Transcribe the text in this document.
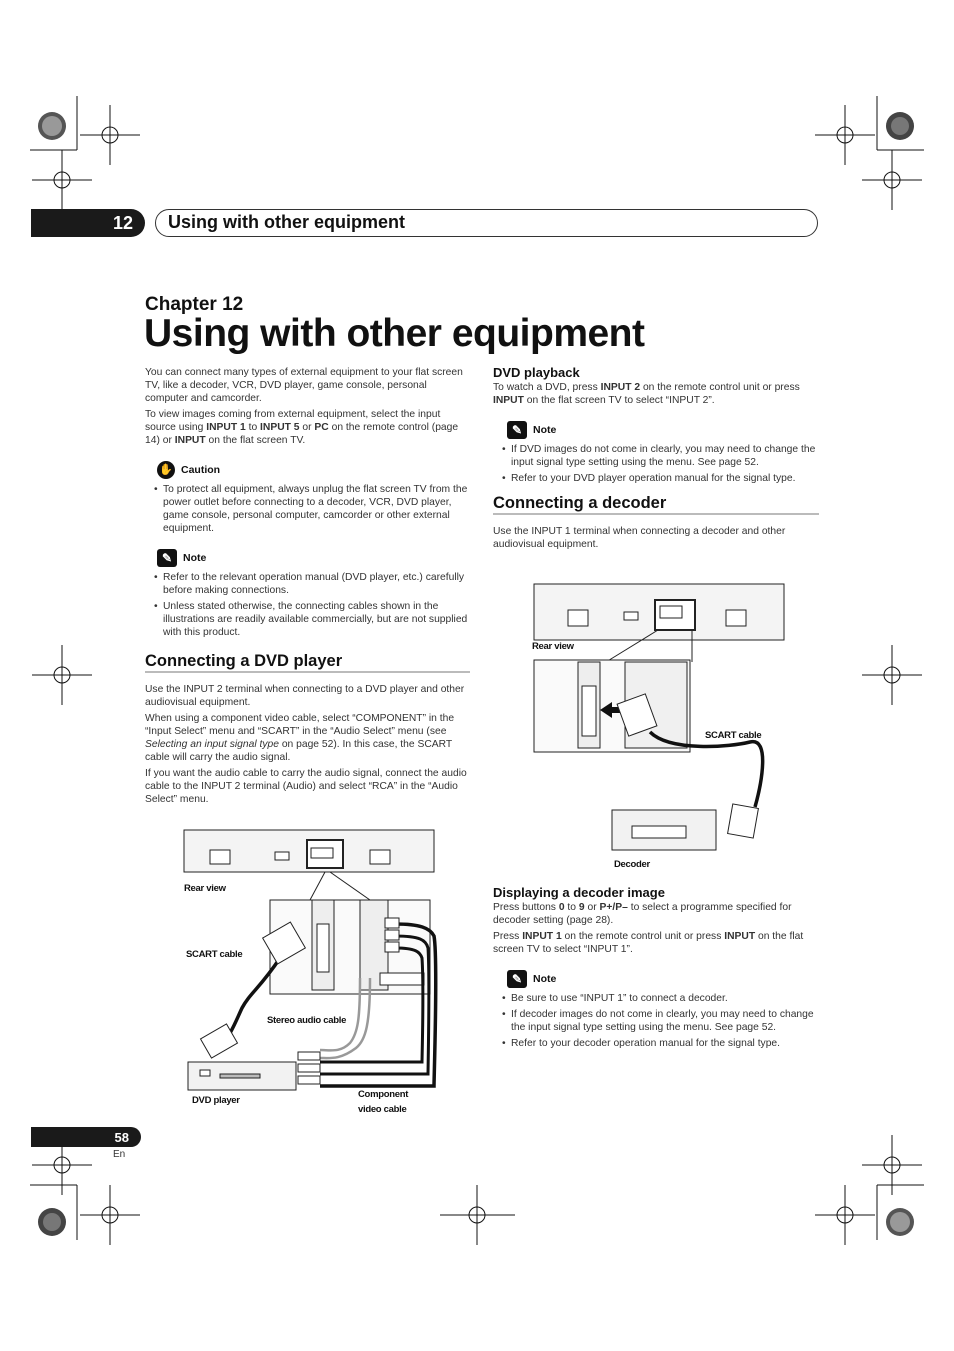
12	Using with other equipment
Chapter 12
Using with other equipment

You can connect many types of external equipment to your flat screen TV, like a decoder, VCR, DVD player, game console, personal computer and camcorder.

To view images coming from external equipment, select the input source using INPUT 1 to INPUT 5 or PC on the remote control (page 14) or INPUT on the flat screen TV.

✋ Caution
• To protect all equipment, always unplug the flat screen TV from the power outlet before connecting to a decoder, VCR, DVD player, game console, personal computer, camcorder or other external equipment.
✎	Note
• Refer to the relevant operation manual (DVD player, etc.) carefully before making connections.
• Unless stated otherwise, the connecting cables shown in the illustrations are readily available commercially, but are not supplied with this product.
Connecting a DVD player

Use the INPUT 2 terminal when connecting to a DVD player and other audiovisual equipment.

When using a component video cable, select “COMPONENT” in the “Input Select” menu and “SCART” in the “Audio Select” menu (see Selecting an input signal type on page 52). In this case, the SCART cable will carry the audio signal.

If you want the audio cable to carry the audio signal, connect the audio cable to the INPUT 2 terminal (Audio) and select “RCA” in the “Audio Select” menu.

Rear view
SCART cable
Stereo audio cable
DVD player
Component
video cable
DVD playback

To watch a DVD, press INPUT 2 on the remote control unit or press INPUT on the flat screen TV to select “INPUT 2”.

✎	Note
• If DVD images do not come in clearly, you may need to change the input signal type setting using the menu. See page 52.
• Refer to your DVD player operation manual for the signal type.
Connecting a decoder

Use the INPUT 1 terminal when connecting a decoder and other audiovisual equipment.

Rear view
SCART cable
Decoder
Displaying a decoder image

Press buttons 0 to 9 or P+/P– to select a programme specified for decoder setting (page 28).

Press INPUT 1 on the remote control unit or press INPUT on the flat screen TV to select “INPUT 1”.

✎	Note
• Be sure to use “INPUT 1” to connect a decoder.
• If decoder images do not come in clearly, you may need to change the input signal type setting using the menu. See page 52.
• Refer to your decoder operation manual for the signal type.
58
En
